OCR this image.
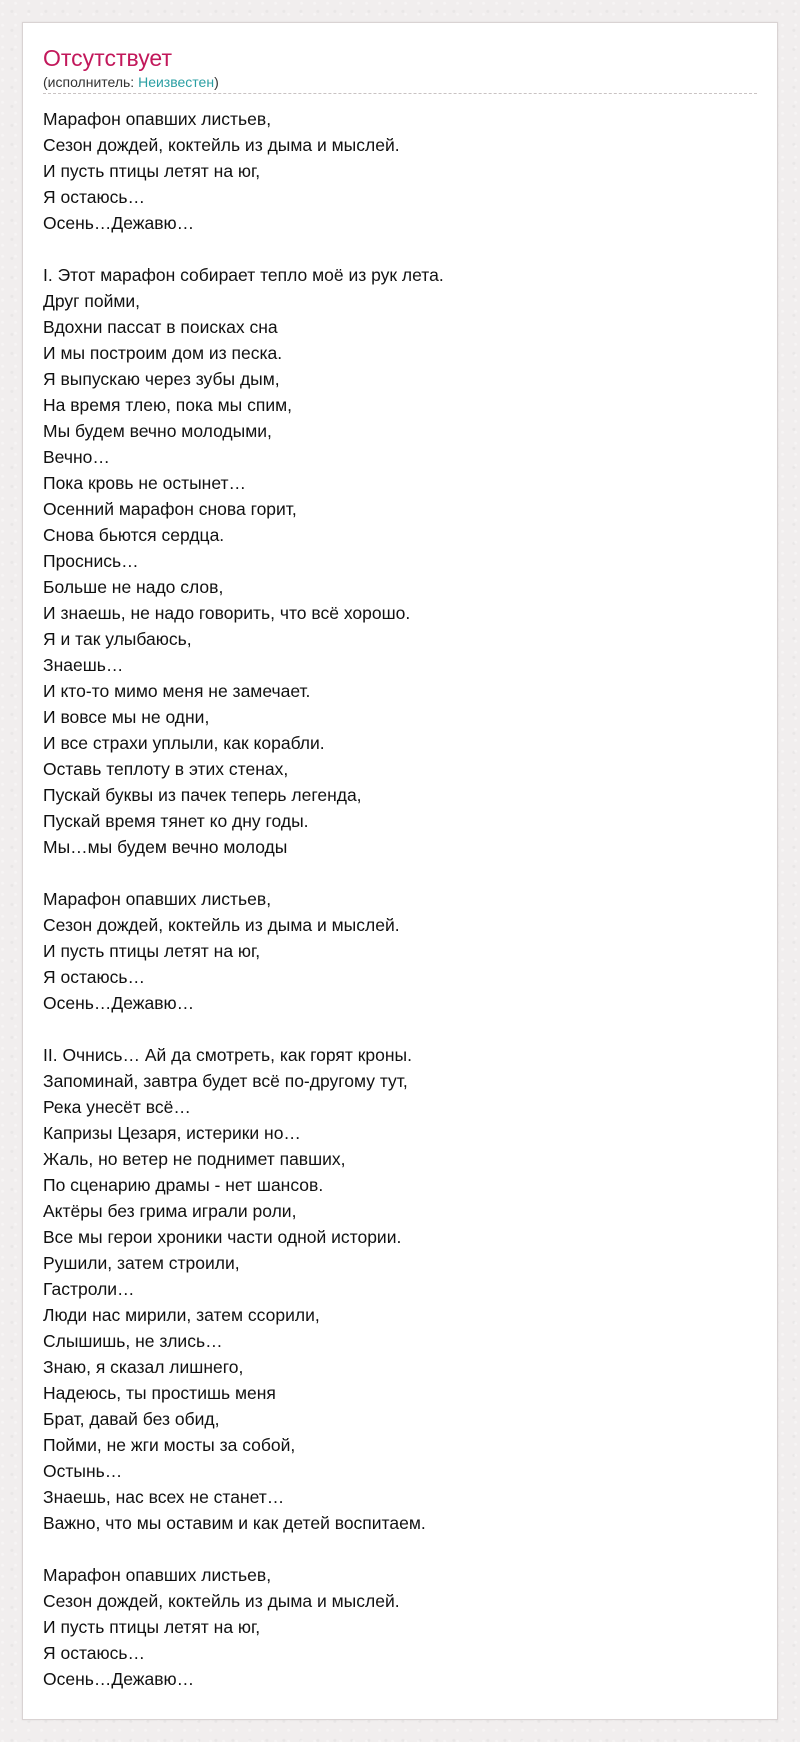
Отсутствует
(исполнитель: Неизвестен)
Марафон опавших листьев,
Сезон дождей, коктейль из дыма и мыслей.
И пусть птицы летят на юг,
Я остаюсь…
Осень…Дежавю…
I. Этот марафон собирает тепло моё из рук лета.
Друг пойми,
Вдохни пассат в поисках сна
И мы построим дом из песка.
Я выпускаю через зубы дым,
На время тлею, пока мы спим,
Мы будем вечно молодыми,
Вечно…
Пока кровь не остынет…
Осенний марафон снова горит,
Снова бьются сердца.
Проснись…
Больше не надо слов,
И знаешь, не надо говорить, что всё хорошо.
Я и так улыбаюсь,
Знаешь…
И кто-то мимо меня не замечает.
И вовсе мы не одни,
И все страхи уплыли, как корабли.
Оставь теплоту в этих стенах,
Пускай буквы из пачек теперь легенда,
Пускай время тянет ко дну годы.
Мы…мы будем вечно молоды
Марафон опавших листьев,
Сезон дождей, коктейль из дыма и мыслей.
И пусть птицы летят на юг,
Я остаюсь…
Осень…Дежавю…
II. Очнись… Ай да смотреть, как горят кроны.
Запоминай, завтра будет всё по-другому тут,
Река унесёт всё…
Капризы Цезаря, истерики но…
Жаль, но ветер не поднимет павших,
По сценарию драмы - нет шансов.
Актёры без грима играли роли,
Все мы герои хроники части одной истории.
Рушили, затем строили,
Гастроли…
Люди нас мирили, затем ссорили,
Слышишь, не злись…
Знаю, я сказал лишнего,
Надеюсь, ты простишь меня
Брат, давай без обид,
Пойми, не жги мосты за собой,
Остынь…
Знаешь, нас всех не станет…
Важно, что мы оставим и как детей воспитаем.
Марафон опавших листьев,
Сезон дождей, коктейль из дыма и мыслей.
И пусть птицы летят на юг,
Я остаюсь…
Осень…Дежавю…
